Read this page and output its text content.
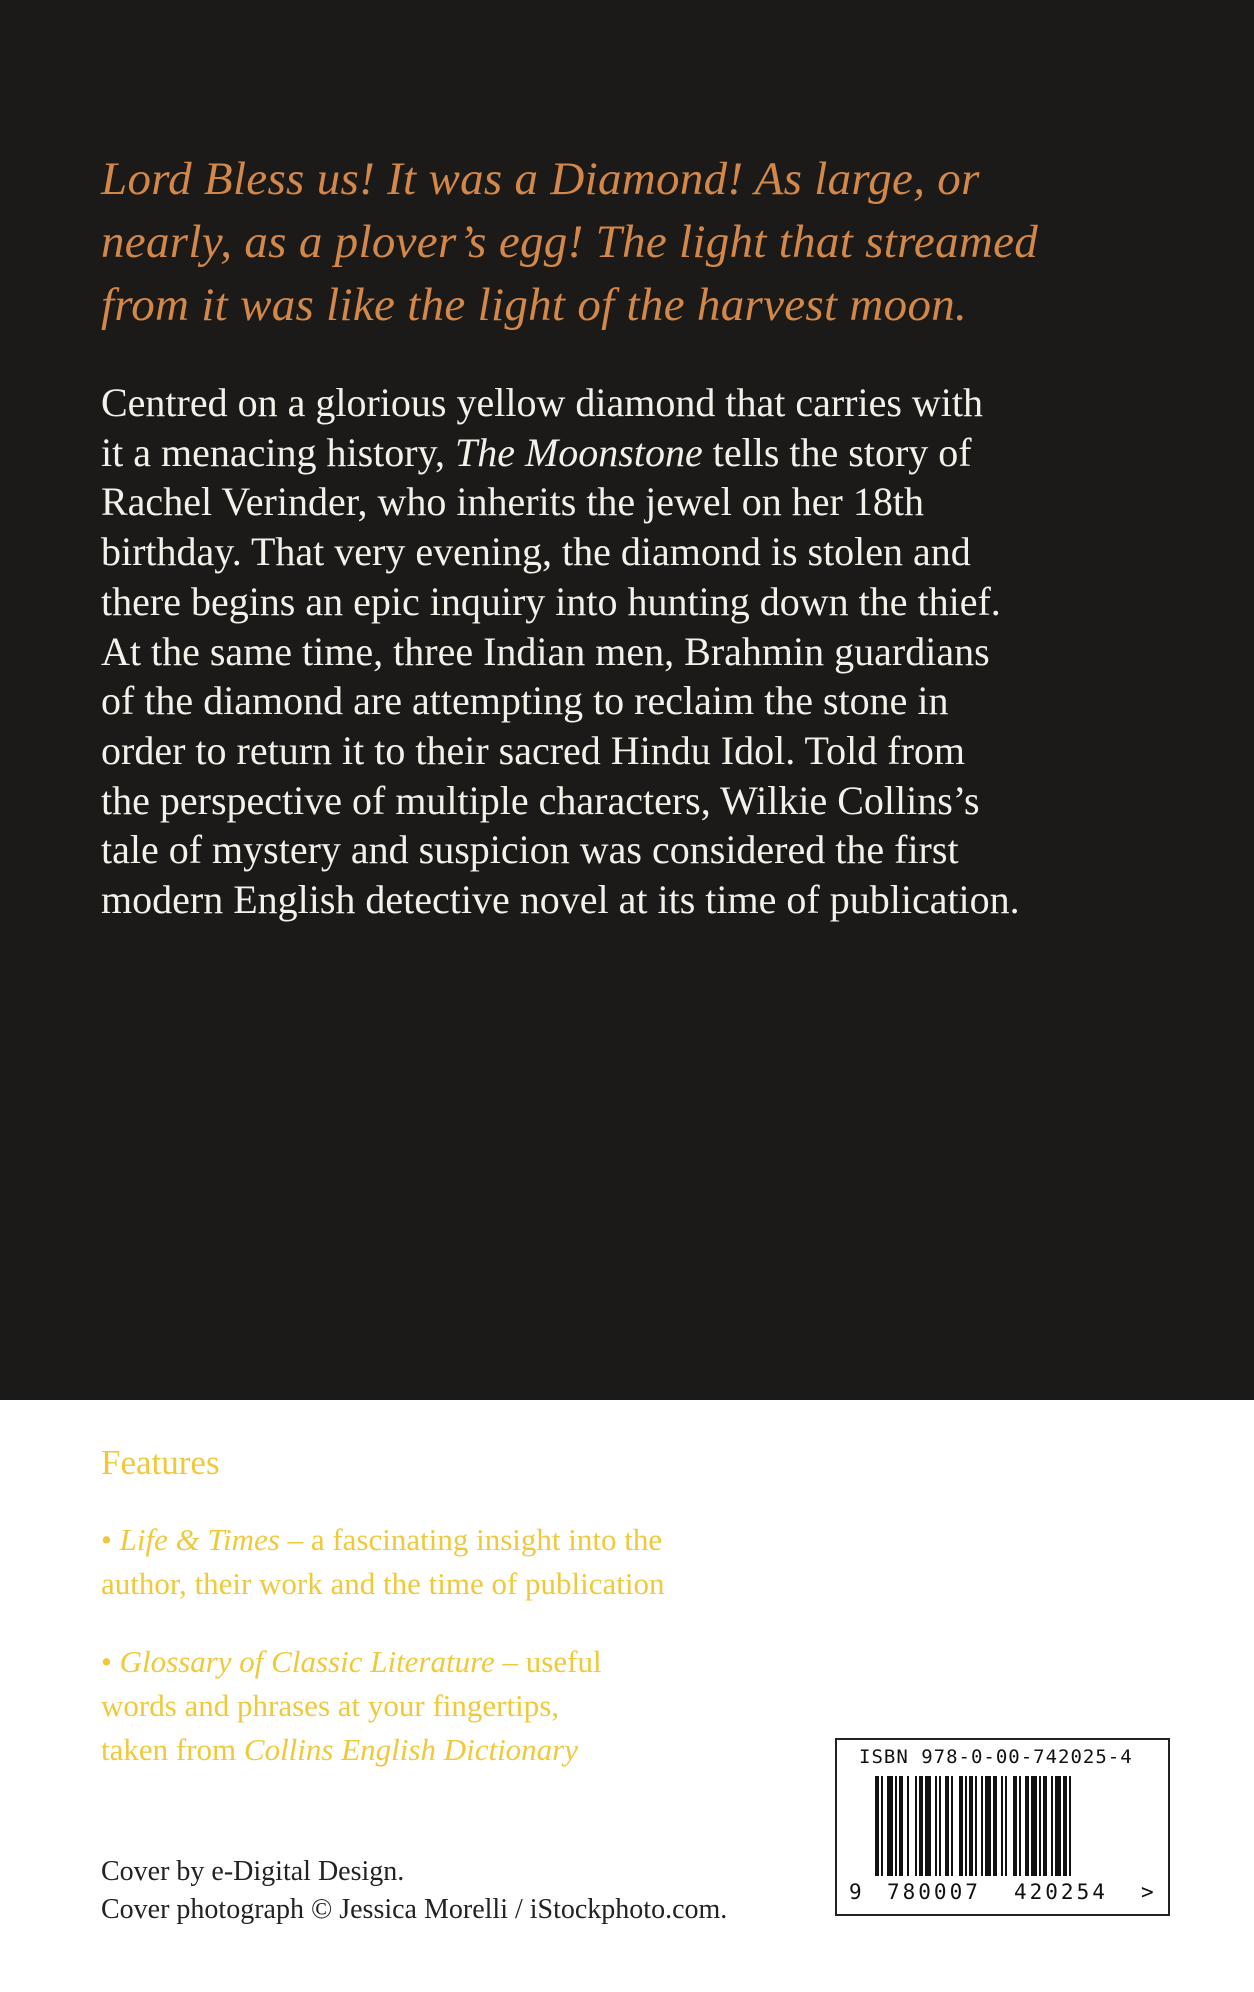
Lord Bless us! It was a Diamond! As large, or
nearly, as a plover’s egg! The light that streamed
from it was like the light of the harvest moon.

Centred on a glorious yellow diamond that carries with
it a menacing history, The Moonstone tells the story of
Rachel Verinder, who inherits the jewel on her 18th
birthday. That very evening, the diamond is stolen and
there begins an epic inquiry into hunting down the thief.
At the same time, three Indian men, Brahmin guardians
of the diamond are attempting to reclaim the stone in
order to return it to their sacred Hindu Idol. Told from
the perspective of multiple characters, Wilkie Collins’s
tale of mystery and suspicion was considered the first
modern English detective novel at its time of publication.

Features

• Life & Times – a fascinating insight into the
author, their work and the time of publication

• Glossary of Classic Literature – useful
words and phrases at your fingertips,
taken from Collins English Dictionary

Cover by e-Digital Design.
Cover photograph © Jessica Morelli / iStockphoto.com.

ISBN 978-0-00-742025-4
9 780007 420254 >
